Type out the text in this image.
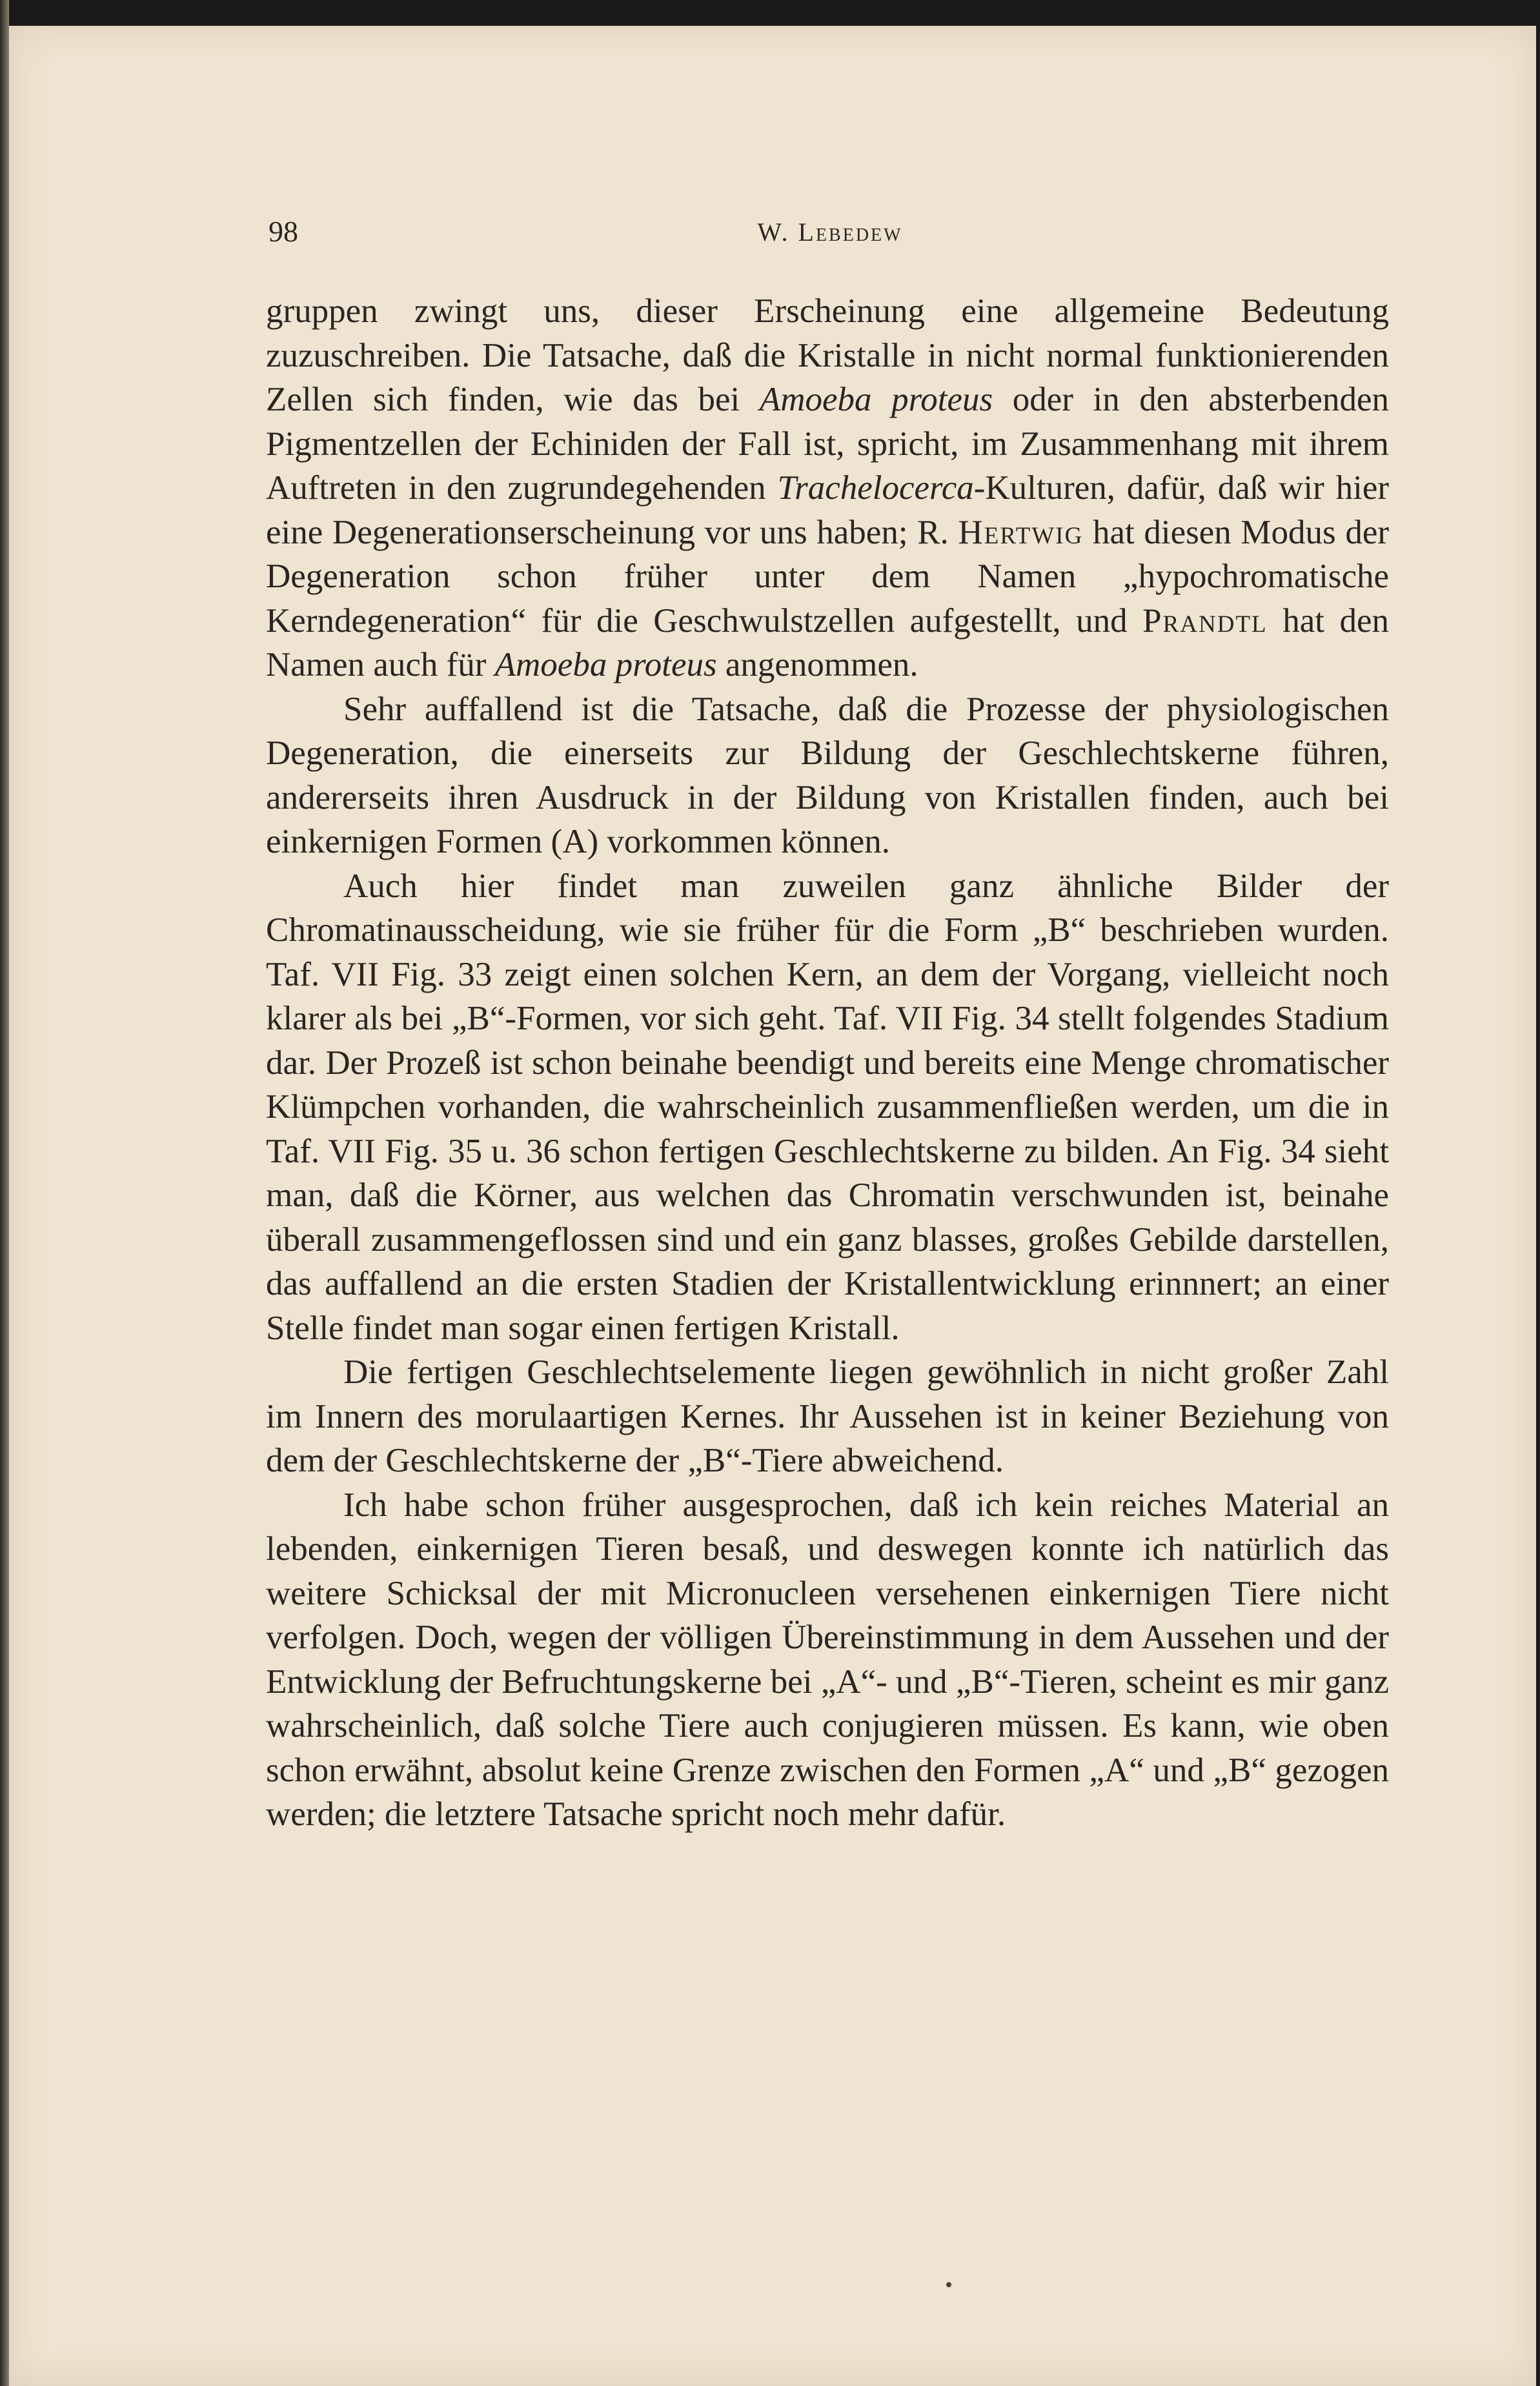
98	W. Lebedew

gruppen zwingt uns, dieser Erscheinung eine allgemeine Bedeutung zuzuschreiben. Die Tatsache, daß die Kristalle in nicht normal funktionierenden Zellen sich finden, wie das bei Amoeba proteus oder in den absterbenden Pigmentzellen der Echiniden der Fall ist, spricht, im Zusammenhang mit ihrem Auftreten in den zugrundegehenden Trachelocerca-Kulturen, dafür, daß wir hier eine Degenerationserscheinung vor uns haben; R. Hertwig hat diesen Modus der Degeneration schon früher unter dem Namen „hypochromatische Kerndegeneration“ für die Geschwulstzellen aufgestellt, und Prandtl hat den Namen auch für Amoeba proteus angenommen.

Sehr auffallend ist die Tatsache, daß die Prozesse der physiologischen Degeneration, die einerseits zur Bildung der Geschlechtskerne führen, andererseits ihren Ausdruck in der Bildung von Kristallen finden, auch bei einkernigen Formen (A) vorkommen können.

Auch hier findet man zuweilen ganz ähnliche Bilder der Chromatinausscheidung, wie sie früher für die Form „B“ beschrieben wurden. Taf. VII Fig. 33 zeigt einen solchen Kern, an dem der Vorgang, vielleicht noch klarer als bei „B“-Formen, vor sich geht. Taf. VII Fig. 34 stellt folgendes Stadium dar. Der Prozeß ist schon beinahe beendigt und bereits eine Menge chromatischer Klümpchen vorhanden, die wahrscheinlich zusammenfließen werden, um die in Taf. VII Fig. 35 u. 36 schon fertigen Geschlechtskerne zu bilden. An Fig. 34 sieht man, daß die Körner, aus welchen das Chromatin verschwunden ist, beinahe überall zusammengeflossen sind und ein ganz blasses, großes Gebilde darstellen, das auffallend an die ersten Stadien der Kristallentwicklung erinnnert; an einer Stelle findet man sogar einen fertigen Kristall.

Die fertigen Geschlechtselemente liegen gewöhnlich in nicht großer Zahl im Innern des morulaartigen Kernes. Ihr Aussehen ist in keiner Beziehung von dem der Geschlechtskerne der „B“-Tiere abweichend.

Ich habe schon früher ausgesprochen, daß ich kein reiches Material an lebenden, einkernigen Tieren besaß, und deswegen konnte ich natürlich das weitere Schicksal der mit Micronucleen versehenen einkernigen Tiere nicht verfolgen. Doch, wegen der völligen Übereinstimmung in dem Aussehen und der Entwicklung der Befruchtungskerne bei „A“- und „B“-Tieren, scheint es mir ganz wahrscheinlich, daß solche Tiere auch conjugieren müssen. Es kann, wie oben schon erwähnt, absolut keine Grenze zwischen den Formen „A“ und „B“ gezogen werden; die letztere Tatsache spricht noch mehr dafür.
